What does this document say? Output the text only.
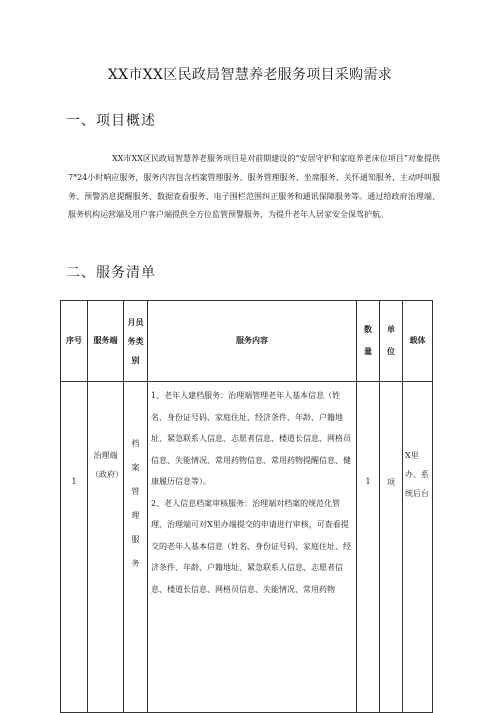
XX市XX区民政局智慧养老服务项目采购需求
一、项目概述

XX市XX区民政局智慧养老服务项目是对前期建设的“安居守护和家庭养老床位项目”对象提供7*24小时响应服务，服务内容包含档案管理服务、服务管理服务、坐席服务、关怀通知服务、主动呼叫服务、预警消息提醒服务、数据查看服务、电子围栏范围纠正服务和通讯保障服务等。通过给政府治理端、服务机构运营端及用户客户端提供全方位监管预警服务，为提升老年人居家安全保驾护航。

二、服务清单
序号	服务端	月员务类别	服务内容	数量	单位	载体

1	治理端（政府）	档案管理服务	1、老年人建档服务：治理端管理老年人基本信息（姓名、身份证号码、家庭住址、经济条件、年龄、户籍地址、紧急联系人信息、志愿者信息、楼道长信息、网格员信息、失能情况、常用药物信息、常用药物提醒信息、健康履历信息等）。

2、老人信息档案审核服务：治理端对档案的规范化管理，治理端可对X里办端提交的申请进行审核，可查看提交的老年人基本信息（姓名、身份证号码、家庭住址、经济条件、年龄、户籍地址、紧急联系人信息、志愿者信息、楼道长信息、网格员信息、失能情况、常用药物	1	项	X里办、系统后台
